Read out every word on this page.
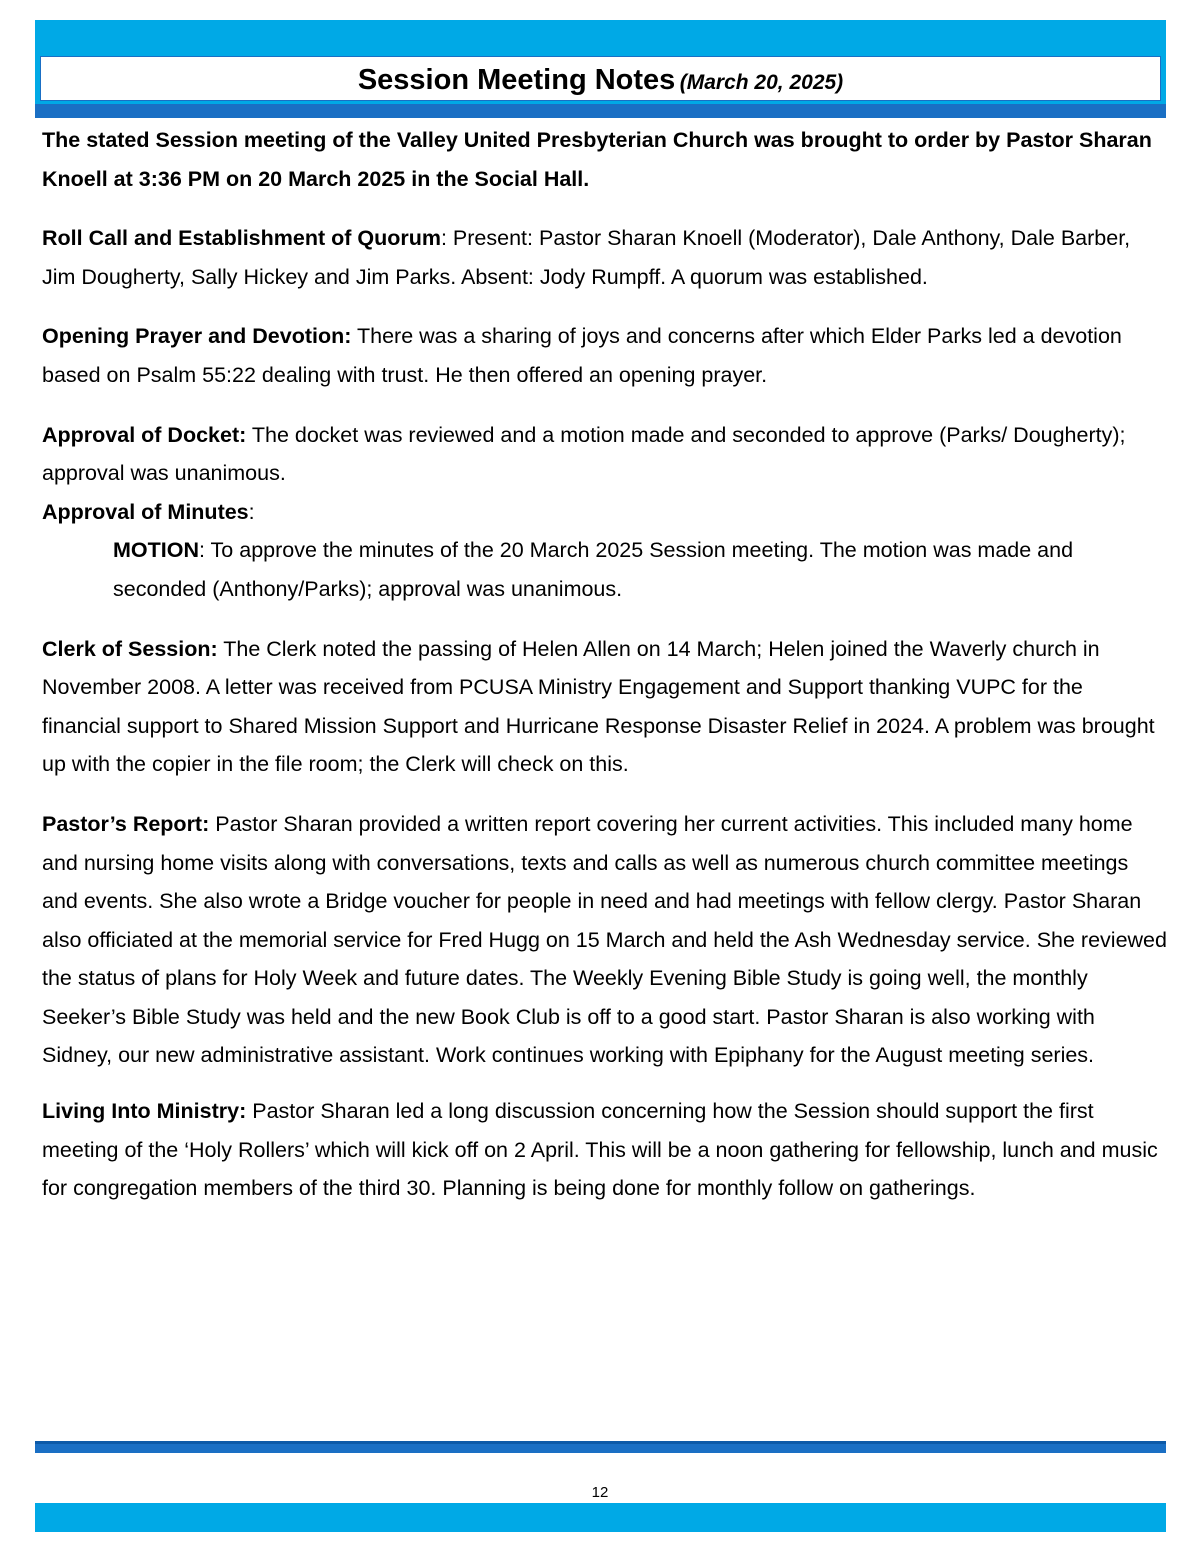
Session Meeting Notes (March 20, 2025)

The stated Session meeting of the Valley United Presbyterian Church was brought to order by Pastor Sharan Knoell at 3:36 PM on 20 March 2025 in the Social Hall.

Roll Call and Establishment of Quorum: Present: Pastor Sharan Knoell (Moderator), Dale Anthony, Dale Barber, Jim Dougherty, Sally Hickey and Jim Parks. Absent: Jody Rumpff. A quorum was established.

Opening Prayer and Devotion: There was a sharing of joys and concerns after which Elder Parks led a devotion based on Psalm 55:22 dealing with trust. He then offered an opening prayer.

Approval of Docket: The docket was reviewed and a motion made and seconded to approve (Parks/ Dougherty); approval was unanimous.

Approval of Minutes:

MOTION: To approve the minutes of the 20 March 2025 Session meeting. The motion was made and seconded (Anthony/Parks); approval was unanimous.

Clerk of Session: The Clerk noted the passing of Helen Allen on 14 March; Helen joined the Waverly church in November 2008. A letter was received from PCUSA Ministry Engagement and Support thanking VUPC for the financial support to Shared Mission Support and Hurricane Response Disaster Relief in 2024. A problem was brought up with the copier in the file room; the Clerk will check on this.

Pastor’s Report: Pastor Sharan provided a written report covering her current activities. This included many home and nursing home visits along with conversations, texts and calls as well as numerous church committee meetings and events. She also wrote a Bridge voucher for people in need and had meetings with fellow clergy. Pastor Sharan also officiated at the memorial service for Fred Hugg on 15 March and held the Ash Wednesday service. She reviewed the status of plans for Holy Week and future dates. The Weekly Evening Bible Study is going well, the monthly Seeker’s Bible Study was held and the new Book Club is off to a good start. Pastor Sharan is also working with Sidney, our new administrative assistant. Work continues working with Epiphany for the August meeting series.

Living Into Ministry: Pastor Sharan led a long discussion concerning how the Session should support the first meeting of the ‘Holy Rollers’ which will kick off on 2 April. This will be a noon gathering for fellowship, lunch and music for congregation members of the third 30. Planning is being done for monthly follow on gatherings.

12
